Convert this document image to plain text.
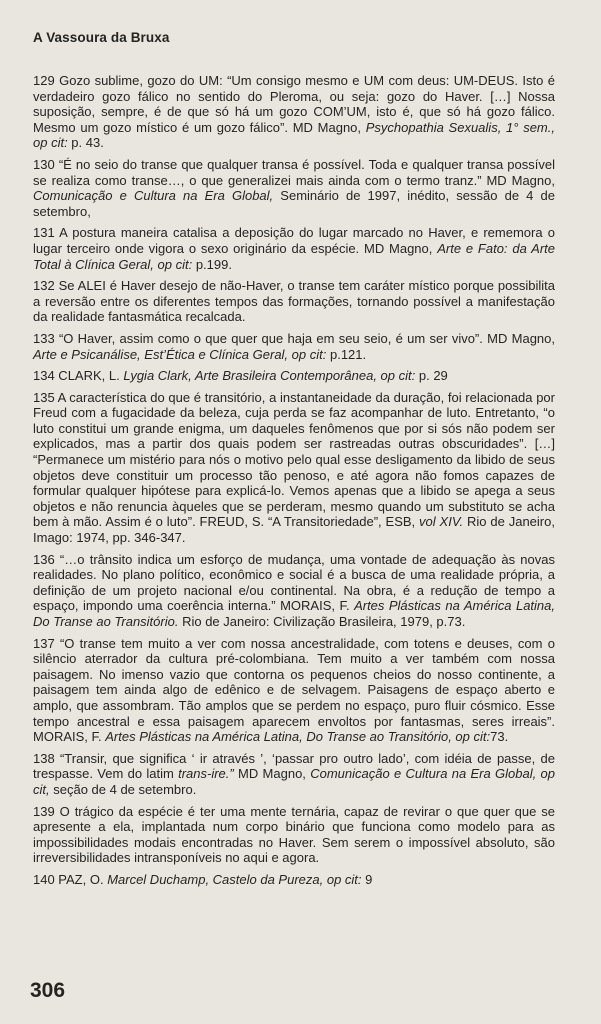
A Vassoura da Bruxa

129 Gozo sublime, gozo do UM: “Um consigo mesmo e UM com deus: UM-DEUS. Isto é verdadeiro gozo fálico no sentido do Pleroma, ou seja: gozo do Haver. […] Nossa suposição, sempre, é de que só há um gozo COM’UM, isto é, que só há gozo fálico. Mesmo um gozo místico é um gozo fálico”. MD Magno, Psychopathia Sexualis, 1° sem., op cit: p. 43.

130 “É no seio do transe que qualquer transa é possível. Toda e qualquer transa possível se realiza como transe…, o que generalizei mais ainda com o termo tranz.” MD Magno, Comunicação e Cultura na Era Global, Seminário de 1997, inédito, sessão de 4 de setembro,

131 A postura maneira catalisa a deposição do lugar marcado no Haver, e rememora o lugar terceiro onde vigora o sexo originário da espécie. MD Magno, Arte e Fato: da Arte Total à Clínica Geral, op cit: p.199.

132 Se ALEI é Haver desejo de não-Haver, o transe tem caráter místico porque possibilita a reversão entre os diferentes tempos das formações, tornando possível a manifestação da realidade fantasmática recalcada.

133 “O Haver, assim como o que quer que haja em seu seio, é um ser vivo”. MD Magno, Arte e Psicanálise, Est’Ética e Clínica Geral, op cit: p.121.

134 CLARK, L. Lygia Clark, Arte Brasileira Contemporânea, op cit: p. 29

135 A característica do que é transitório, a instantaneidade da duração, foi relacionada por Freud com a fugacidade da beleza, cuja perda se faz acompanhar de luto. Entretanto, “o luto constitui um grande enigma, um daqueles fenômenos que por si sós não podem ser explicados, mas a partir dos quais podem ser rastreadas outras obscuridades”. […] “Permanece um mistério para nós o motivo pelo qual esse desligamento da libido de seus objetos deve constituir um processo tão penoso, e até agora não fomos capazes de formular qualquer hipótese para explicá-lo. Vemos apenas que a libido se apega a seus objetos e não renuncia àqueles que se perderam, mesmo quando um substituto se acha bem à mão. Assim é o luto”. FREUD, S. “A Transitoriedade”, ESB, vol XIV. Rio de Janeiro, Imago: 1974, pp. 346-347.

136 “…o trânsito indica um esforço de mudança, uma vontade de adequação às novas realidades. No plano político, econômico e social é a busca de uma realidade própria, a definição de um projeto nacional e/ou continental. Na obra, é a redução de tempo a espaço, impondo uma coerência interna.” MORAIS, F. Artes Plásticas na América Latina, Do Transe ao Transitório. Rio de Janeiro: Civilização Brasileira, 1979, p.73.

137 “O transe tem muito a ver com nossa ancestralidade, com totens e deuses, com o silêncio aterrador da cultura pré-colombiana. Tem muito a ver também com nossa paisagem. No imenso vazio que contorna os pequenos cheios do nosso continente, a paisagem tem ainda algo de edênico e de selvagem. Paisagens de espaço aberto e amplo, que assombram. Tão amplos que se perdem no espaço, puro fluir cósmico. Esse tempo ancestral e essa paisagem aparecem envoltos por fantasmas, seres irreais”. MORAIS, F. Artes Plásticas na América Latina, Do Transe ao Transitório, op cit:73.

138 “Transir, que significa ‘ ir através ’, ‘passar pro outro lado’, com idéia de passe, de trespasse. Vem do latim trans-ire.” MD Magno, Comunicação e Cultura na Era Global, op cit, seção de 4 de setembro.

139 O trágico da espécie é ter uma mente ternária, capaz de revirar o que quer que se apresente a ela, implantada num corpo binário que funciona como modelo para as impossibilidades modais encontradas no Haver. Sem serem o impossível absoluto, são irreversibilidades intransponíveis no aqui e agora.

140 PAZ, O. Marcel Duchamp, Castelo da Pureza, op cit: 9

306
